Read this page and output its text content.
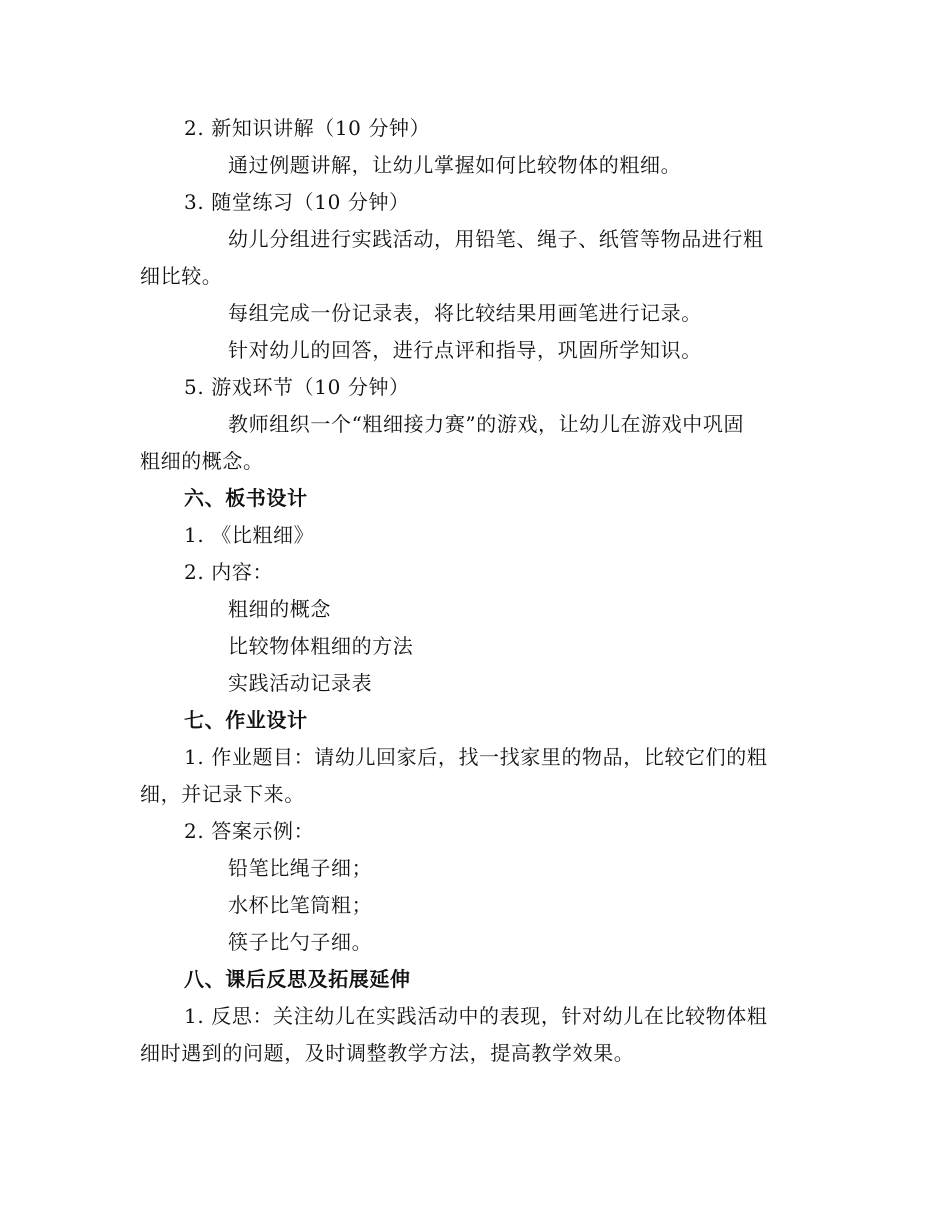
2. 新知识讲解（10 分钟）
通过例题讲解，让幼儿掌握如何比较物体的粗细。
3. 随堂练习（10 分钟）
幼儿分组进行实践活动，用铅笔、绳子、纸管等物品进行粗
细比较。
每组完成一份记录表，将比较结果用画笔进行记录。
针对幼儿的回答，进行点评和指导，巩固所学知识。
5. 游戏环节（10 分钟）
教师组织一个“粗细接力赛”的游戏，让幼儿在游戏中巩固
粗细的概念。
六、板书设计
1. 《比粗细》
2. 内容：
粗细的概念
比较物体粗细的方法
实践活动记录表
七、作业设计
1. 作业题目：请幼儿回家后，找一找家里的物品，比较它们的粗
细，并记录下来。
2. 答案示例：
铅笔比绳子细；
水杯比笔筒粗；
筷子比勺子细。
八、课后反思及拓展延伸
1. 反思：关注幼儿在实践活动中的表现，针对幼儿在比较物体粗
细时遇到的问题，及时调整教学方法，提高教学效果。
